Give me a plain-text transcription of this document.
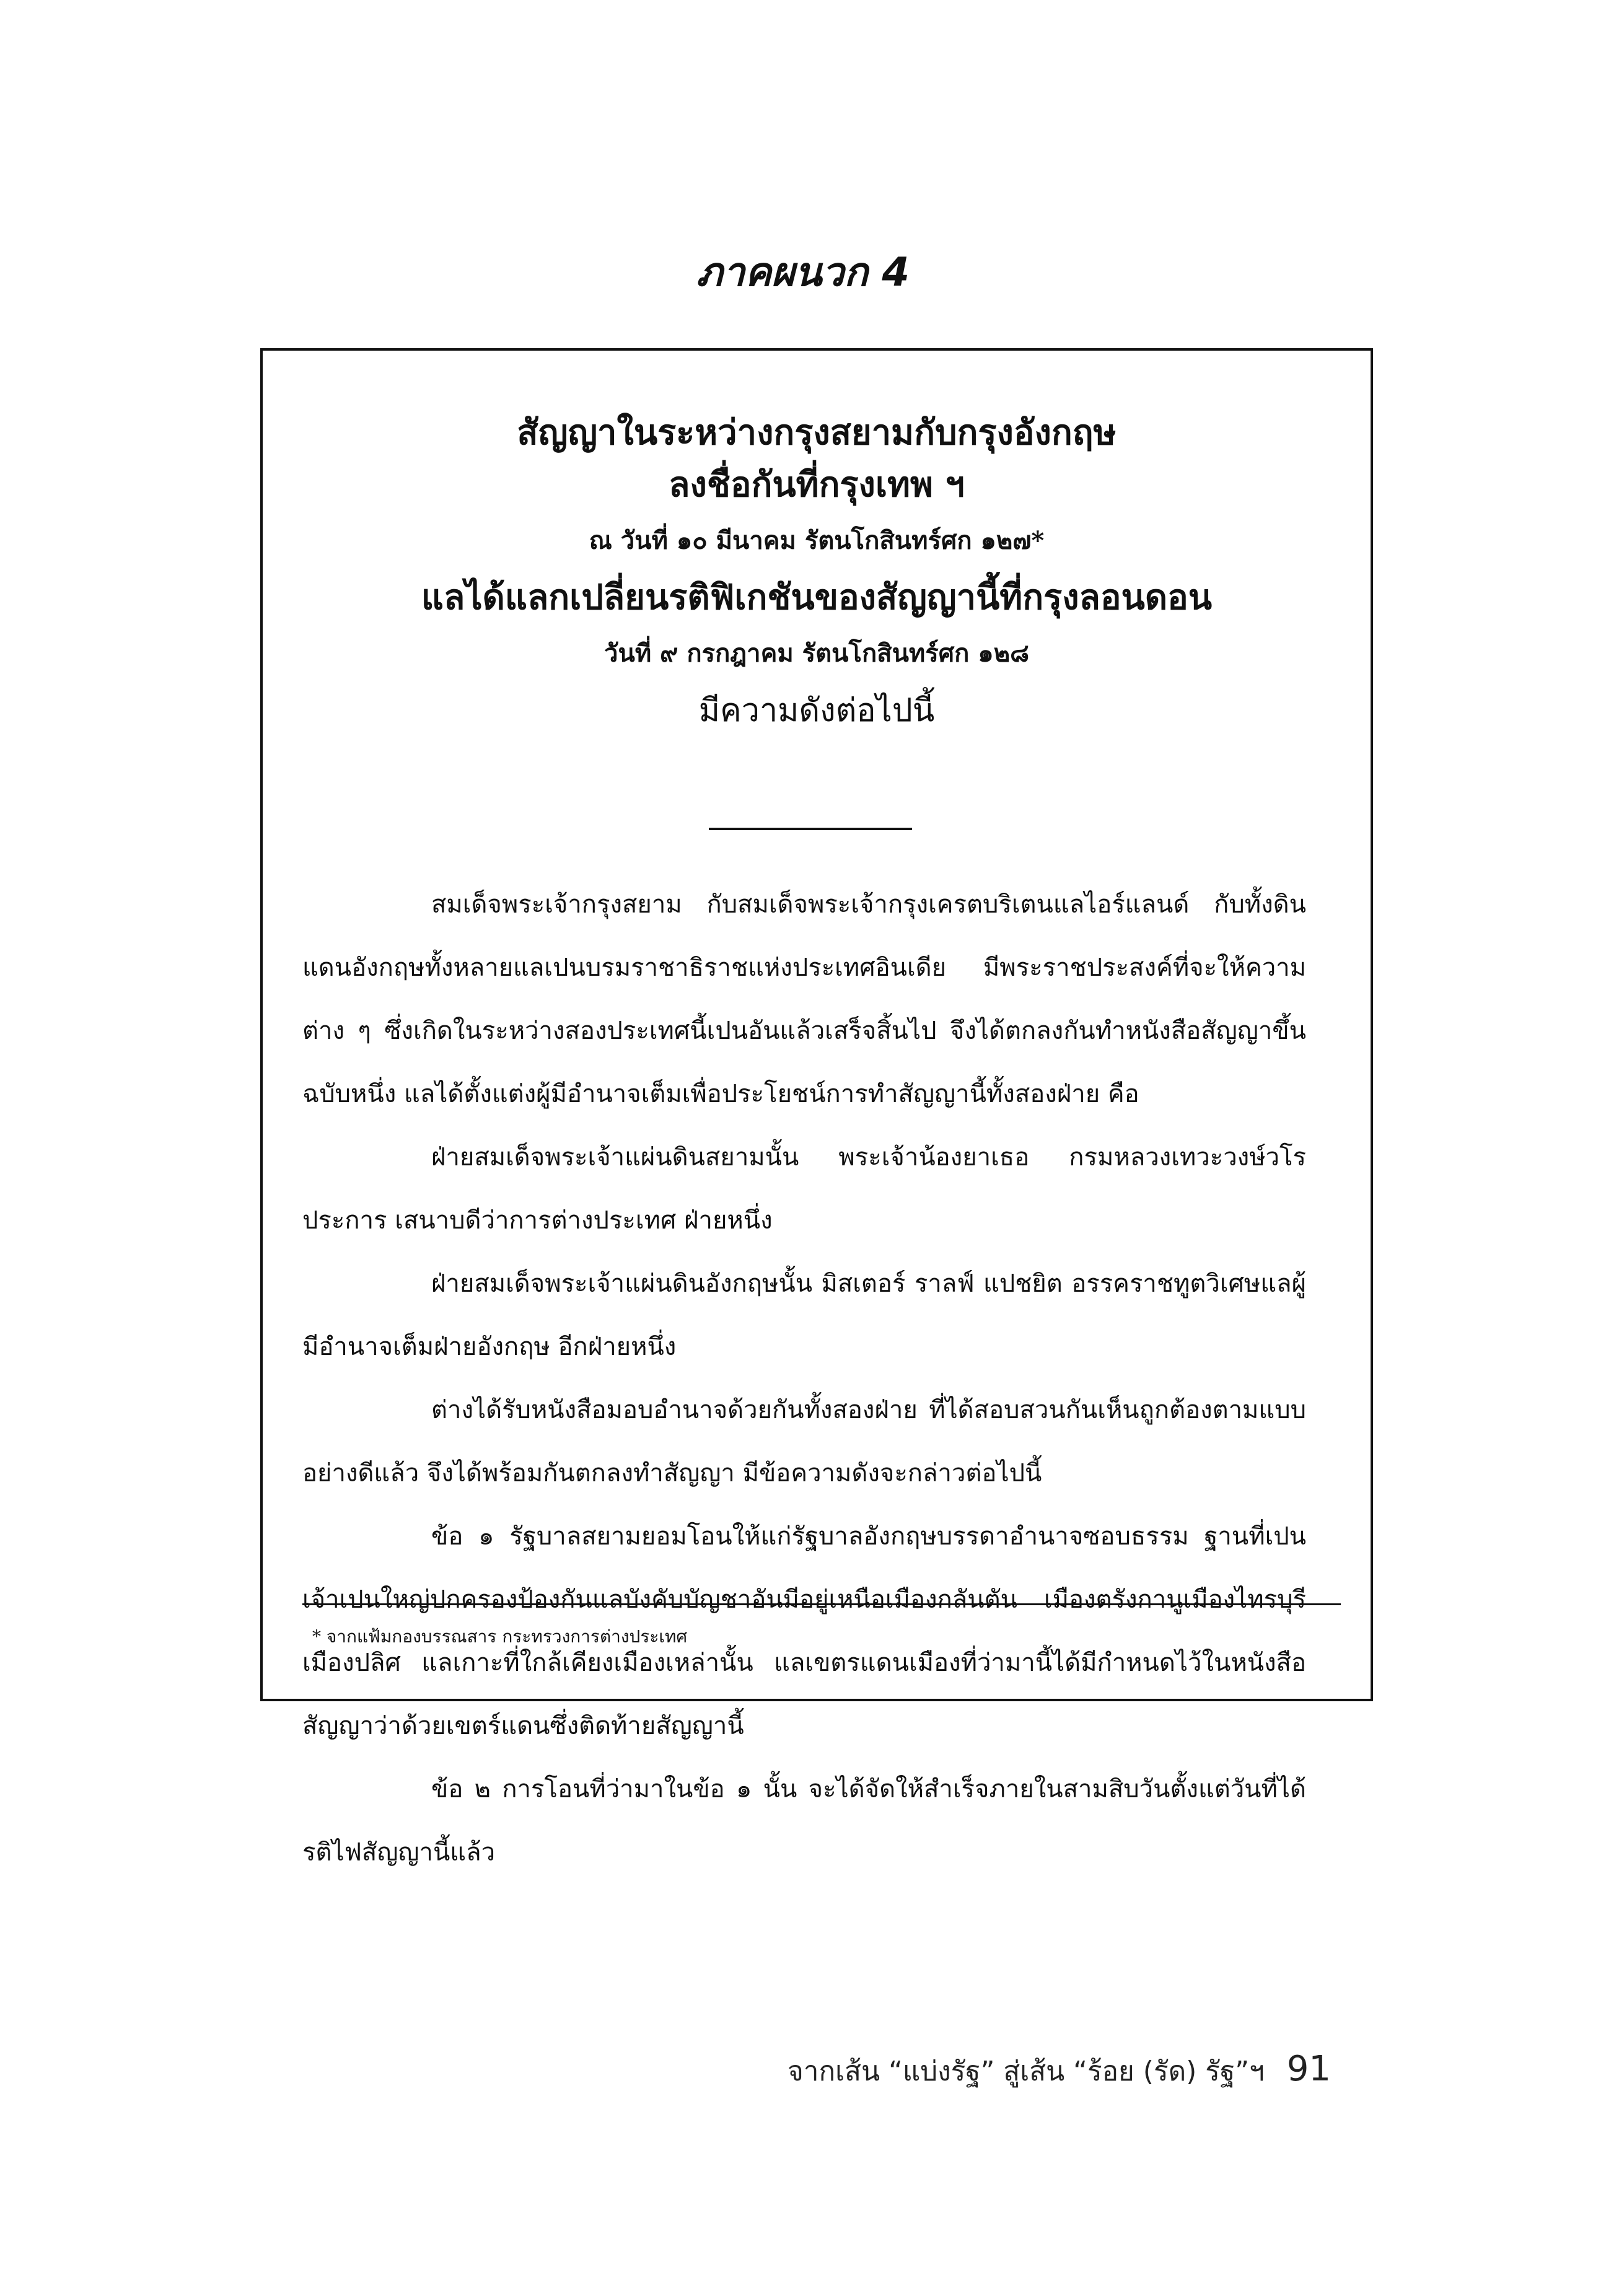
ภาคผนวก 4

สัญญาในระหว่างกรุงสยามกับกรุงอังกฤษ

ลงชื่อกันที่กรุงเทพ ฯ

ณ วันที่ ๑๐ มีนาคม รัตนโกสินทร์ศก ๑๒๗*

แลได้แลกเปลี่ยนรติฟิเกชันของสัญญานี้ที่กรุงลอนดอน

วันที่ ๙ กรกฎาคม รัตนโกสินทร์ศก ๑๒๘

มีความดังต่อไปนี้

สมเด็จพระเจ้ากรุงสยาม กับสมเด็จพระเจ้ากรุงเครตบริเตนแลไอร์แลนด์ กับทั้งดินแดนอังกฤษทั้งหลายแลเปนบรมราชาธิราชแห่งประเทศอินเดีย มีพระราชประสงค์ที่จะให้ความต่าง ๆ ซึ่งเกิดในระหว่างสองประเทศนี้เปนอันแล้วเสร็จสิ้นไป จึงได้ตกลงกันทำหนังสือสัญญาขึ้นฉบับหนึ่ง แลได้ตั้งแต่งผู้มีอำนาจเต็มเพื่อประโยชน์การทำสัญญานี้ทั้งสองฝ่าย คือ

ฝ่ายสมเด็จพระเจ้าแผ่นดินสยามนั้น พระเจ้าน้องยาเธอ กรมหลวงเทวะวงษ์วโรประการ เสนาบดีว่าการต่างประเทศ ฝ่ายหนึ่ง

ฝ่ายสมเด็จพระเจ้าแผ่นดินอังกฤษนั้น มิสเตอร์ ราลฟ์ แปชยิต อรรคราชทูตวิเศษแลผู้มีอำนาจเต็มฝ่ายอังกฤษ อีกฝ่ายหนึ่ง

ต่างได้รับหนังสือมอบอำนาจด้วยกันทั้งสองฝ่าย ที่ได้สอบสวนกันเห็นถูกต้องตามแบบอย่างดีแล้ว จึงได้พร้อมกันตกลงทำสัญญา มีข้อความดังจะกล่าวต่อไปนี้

ข้อ ๑ รัฐบาลสยามยอมโอนให้แก่รัฐบาลอังกฤษบรรดาอำนาจซอบธรรม ฐานที่เปนเจ้าเปนใหญ่ปกครองป้องกันแลบังคับบัญชาอันมีอยู่เหนือเมืองกลันตัน เมืองตรังกานูเมืองไทรบุรี เมืองปลิศ แลเกาะที่ใกล้เคียงเมืองเหล่านั้น แลเขตรแดนเมืองที่ว่ามานี้ได้มีกำหนดไว้ในหนังสือสัญญาว่าด้วยเขตร์แดนซึ่งติดท้ายสัญญานี้

ข้อ ๒ การโอนที่ว่ามาในข้อ ๑ นั้น จะได้จัดให้สำเร็จภายในสามสิบวันตั้งแต่วันที่ได้รติไฟสัญญานี้แล้ว

* จากแฟ้มกองบรรณสาร กระทรวงการต่างประเทศ

จากเส้น “แบ่งรัฐ” สู่เส้น “ร้อย (รัด) รัฐ”ฯ 91
